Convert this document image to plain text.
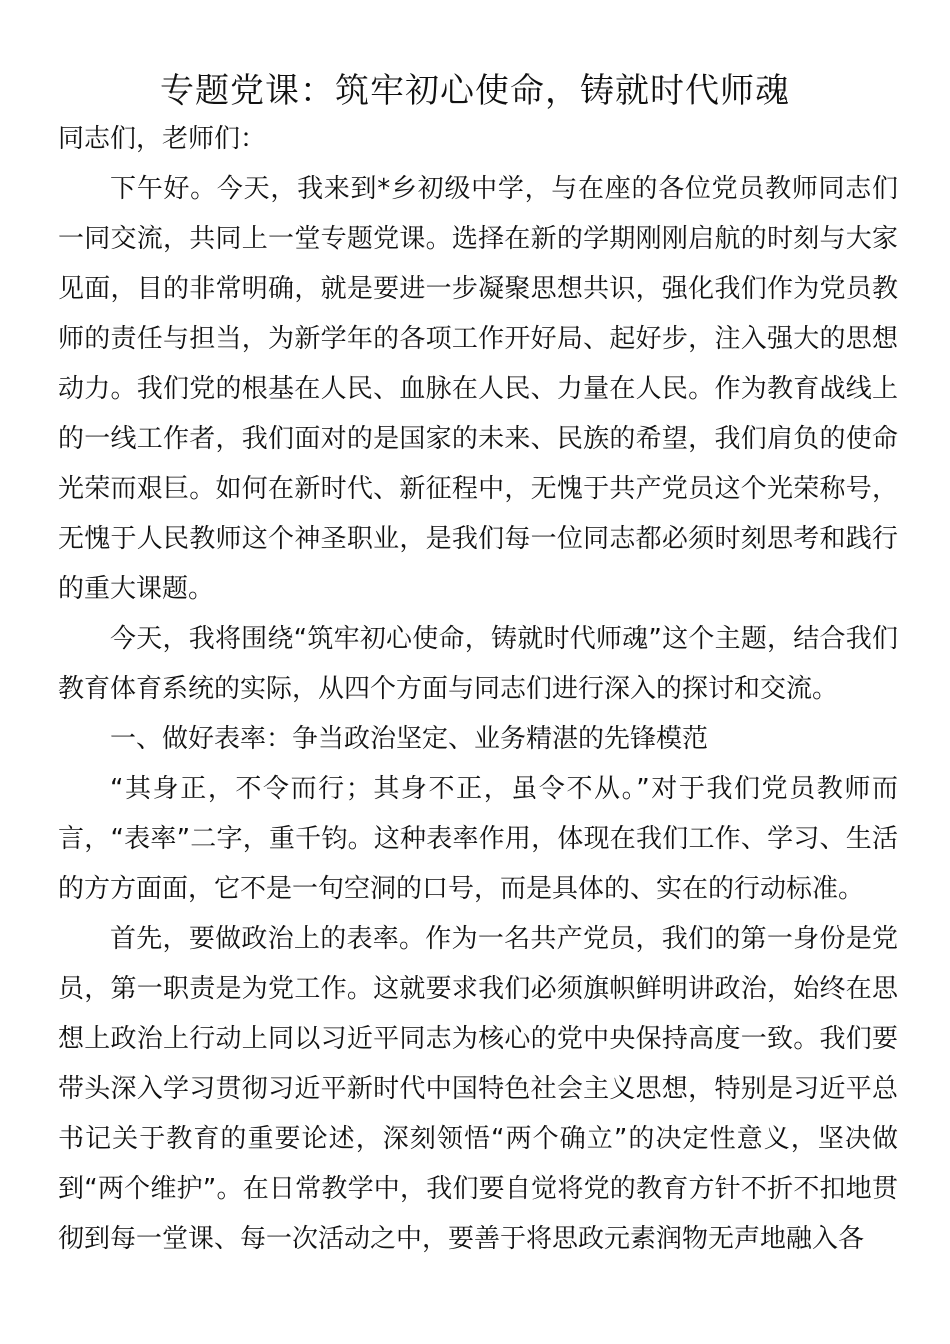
专题党课：筑牢初心使命，铸就时代师魂

同志们，老师们：

下午好。今天，我来到*乡初级中学，与在座的各位党员教师同志们一同交流，共同上一堂专题党课。选择在新的学期刚刚启航的时刻与大家见面，目的非常明确，就是要进一步凝聚思想共识，强化我们作为党员教师的责任与担当，为新学年的各项工作开好局、起好步，注入强大的思想动力。我们党的根基在人民、血脉在人民、力量在人民。作为教育战线上的一线工作者，我们面对的是国家的未来、民族的希望，我们肩负的使命光荣而艰巨。如何在新时代、新征程中，无愧于共产党员这个光荣称号，无愧于人民教师这个神圣职业，是我们每一位同志都必须时刻思考和践行的重大课题。

今天，我将围绕“筑牢初心使命，铸就时代师魂”这个主题，结合我们教育体育系统的实际，从四个方面与同志们进行深入的探讨和交流。

一、做好表率：争当政治坚定、业务精湛的先锋模范

“其身正，不令而行；其身不正，虽令不从。”对于我们党员教师而言，“表率”二字，重千钧。这种表率作用，体现在我们工作、学习、生活的方方面面，它不是一句空洞的口号，而是具体的、实在的行动标准。

首先，要做政治上的表率。作为一名共产党员，我们的第一身份是党员，第一职责是为党工作。这就要求我们必须旗帜鲜明讲政治，始终在思想上政治上行动上同以习近平同志为核心的党中央保持高度一致。我们要带头深入学习贯彻习近平新时代中国特色社会主义思想，特别是习近平总书记关于教育的重要论述，深刻领悟“两个确立”的决定性意义，坚决做到“两个维护”。在日常教学中，我们要自觉将党的教育方针不折不扣地贯彻到每一堂课、每一次活动之中，要善于将思政元素润物无声地融入各
